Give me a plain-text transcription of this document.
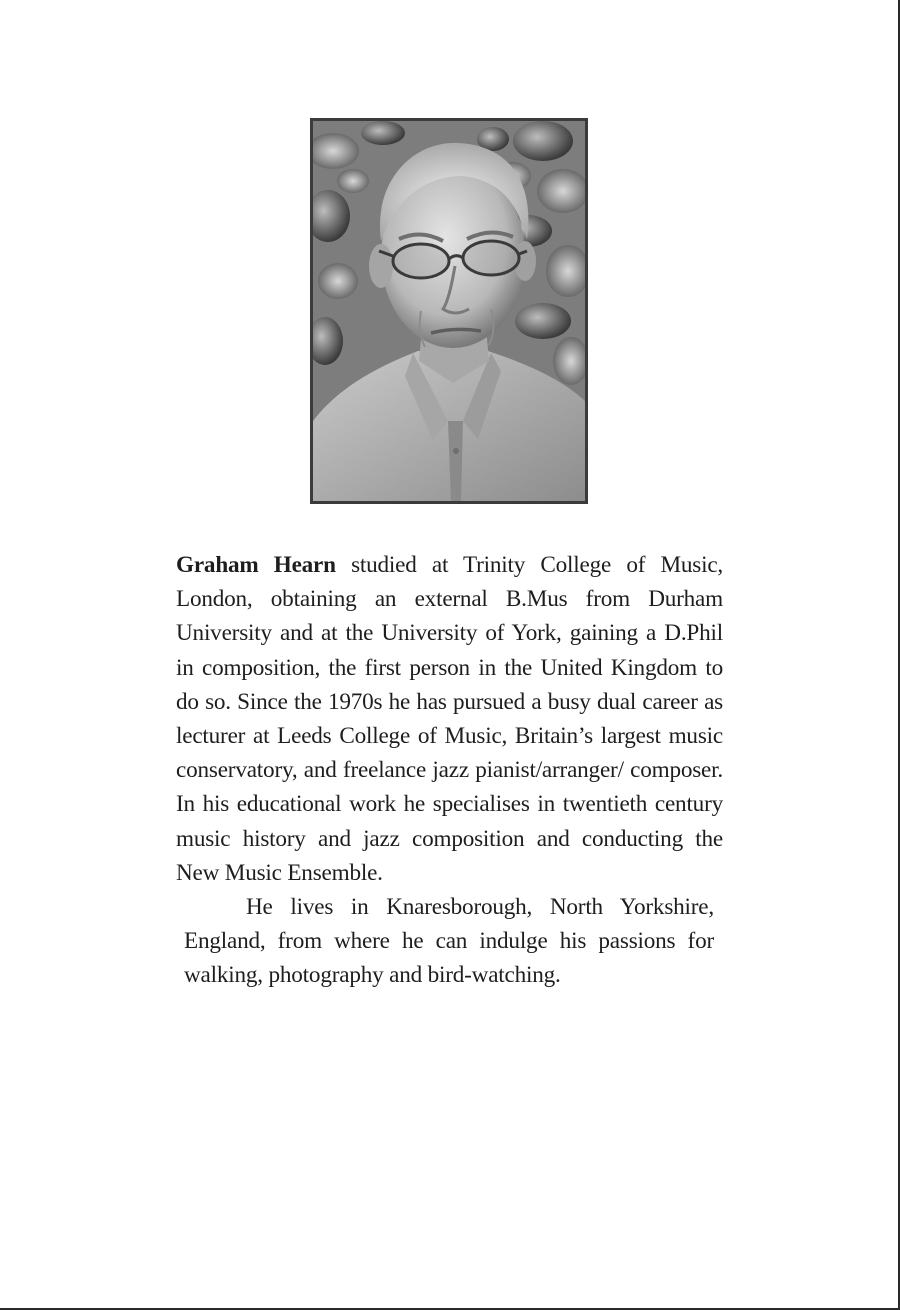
Graham Hearn studied at Trinity College of Music, London, obtaining an external B.Mus from Durham University and at the University of York, gaining a D.Phil in composition, the first person in the United Kingdom to do so. Since the 1970s he has pursued a busy dual career as lecturer at Leeds College of Music, Britain’s largest music conservatory, and freelance jazz pianist/arranger/ composer. In his educational work he specialises in twentieth century music history and jazz composition and conducting the New Music Ensemble.

He lives in Knaresborough, North Yorkshire, England, from where he can indulge his passions for walking, photography and bird-watching.
